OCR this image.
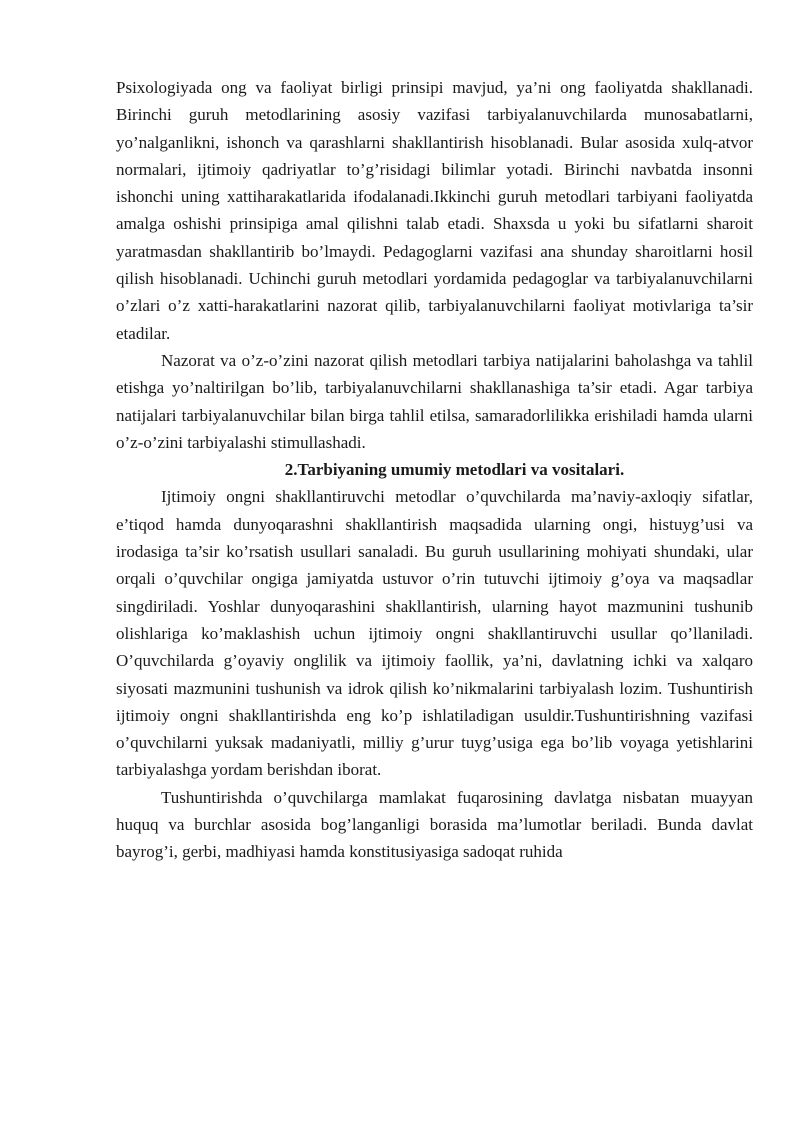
Psixologiyada ong va faoliyat birligi prinsipi mavjud, ya’ni ong faoliyatda shakllanadi. Birinchi guruh metodlarining asosiy vazifasi tarbiyalanuvchilarda munosabatlarni, yo’nalganlikni, ishonch va qarashlarni shakllantirish hisoblanadi. Bular asosida xulq-atvor normalari, ijtimoiy qadriyatlar to’g’risidagi bilimlar yotadi. Birinchi navbatda insonni ishonchi uning xattiharakatlarida ifodalanadi.Ikkinchi guruh metodlari tarbiyani faoliyatda amalga oshishi prinsipiga amal qilishni talab etadi. Shaxsda u yoki bu sifatlarni sharoit yaratmasdan shakllantirib bo’lmaydi. Pedagoglarni vazifasi ana shunday sharoitlarni hosil qilish hisoblanadi. Uchinchi guruh metodlari yordamida pedagoglar va tarbiyalanuvchilarni o’zlari o’z xatti-harakatlarini nazorat qilib, tarbiyalanuvchilarni faoliyat motivlariga ta’sir etadilar.

Nazorat va o’z-o’zini nazorat qilish metodlari tarbiya natijalarini baholashga va tahlil etishga yo’naltirilgan bo’lib, tarbiyalanuvchilarni shakllanashiga ta’sir etadi. Agar tarbiya natijalari tarbiyalanuvchilar bilan birga tahlil etilsa, samaradorlilikka erishiladi hamda ularni o’z-o’zini tarbiyalashi stimullashadi.

2.Tarbiyaning umumiy metodlari va vositalari.

Ijtimoiy ongni shakllantiruvchi metodlar o’quvchilarda ma’naviy-axloqiy sifatlar, e’tiqod hamda dunyoqarashni shakllantirish maqsadida ularning ongi, histuyg’usi va irodasiga ta’sir ko’rsatish usullari sanaladi. Bu guruh usullarining mohiyati shundaki, ular orqali o’quvchilar ongiga jamiyatda ustuvor o’rin tutuvchi ijtimoiy g’oya va maqsadlar singdiriladi. Yoshlar dunyoqarashini shakllantirish, ularning hayot mazmunini tushunib olishlariga ko’maklashish uchun ijtimoiy ongni shakllantiruvchi usullar qo’llaniladi. O’quvchilarda g’oyaviy onglilik va ijtimoiy faollik, ya’ni, davlatning ichki va xalqaro siyosati mazmunini tushunish va idrok qilish ko’nikmalarini tarbiyalash lozim. Tushuntirish ijtimoiy ongni shakllantirishda eng ko’p ishlatiladigan usuldir.Tushuntirishning vazifasi o’quvchilarni yuksak madaniyatli, milliy g’urur tuyg’usiga ega bo’lib voyaga yetishlarini tarbiyalashga yordam berishdan iborat.

Tushuntirishda o’quvchilarga mamlakat fuqarosining davlatga nisbatan muayyan huquq va burchlar asosida bog’langanligi borasida ma’lumotlar beriladi. Bunda davlat bayrog’i, gerbi, madhiyasi hamda konstitusiyasiga sadoqat ruhida
